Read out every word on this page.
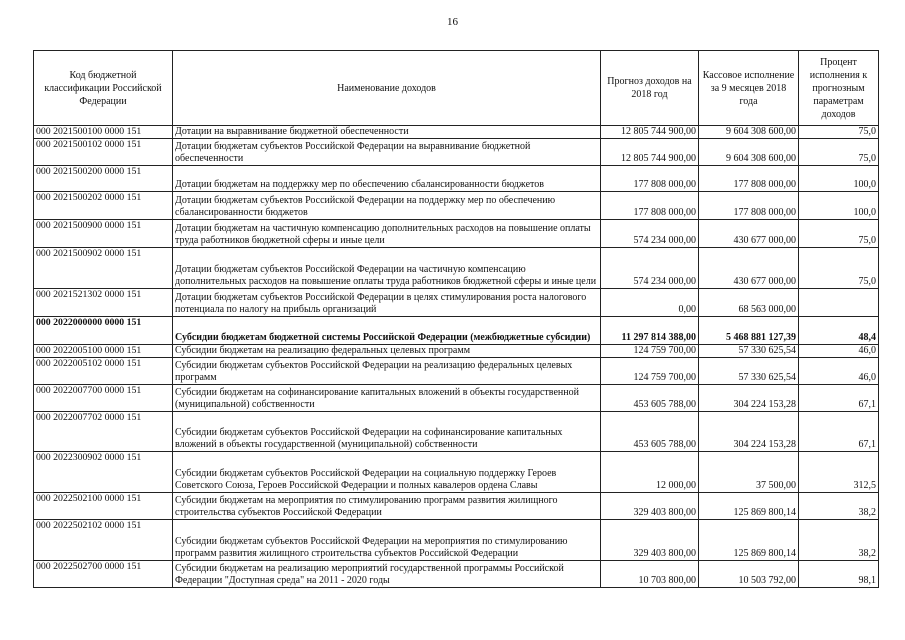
16
Код бюджетной классификации Российской Федерации	Наименование доходов	Прогноз доходов на 2018 год	Кассовое исполнение за 9 месяцев 2018 года	Процент исполнения к прогнозным параметрам доходов
000 2021500100 0000 151	Дотации на выравнивание бюджетной обеспеченности	12 805 744 900,00	9 604 308 600,00	75,0
000 2021500102 0000 151	Дотации бюджетам субъектов Российской Федерации на выравнивание бюджетной обеспеченности	12 805 744 900,00	9 604 308 600,00	75,0
000 2021500200 0000 151	Дотации бюджетам на поддержку мер по обеспечению сбалансированности бюджетов	177 808 000,00	177 808 000,00	100,0
000 2021500202 0000 151	Дотации бюджетам субъектов Российской Федерации на поддержку мер по обеспечению сбалансированности бюджетов	177 808 000,00	177 808 000,00	100,0
000 2021500900 0000 151	Дотации бюджетам на частичную компенсацию дополнительных расходов на повышение оплаты труда работников бюджетной сферы и иные цели	574 234 000,00	430 677 000,00	75,0
000 2021500902 0000 151	Дотации бюджетам субъектов Российской Федерации на частичную компенсацию дополнительных расходов на повышение оплаты труда работников бюджетной сферы и иные цели	574 234 000,00	430 677 000,00	75,0
000 2021521302 0000 151	Дотации бюджетам субъектов Российской Федерации в целях стимулирования роста налогового потенциала по налогу на прибыль организаций	0,00	68 563 000,00	
000 2022000000 0000 151	Субсидии бюджетам бюджетной системы Российской Федерации (межбюджетные субсидии)	11 297 814 388,00	5 468 881 127,39	48,4
000 2022005100 0000 151	Субсидии бюджетам на реализацию федеральных целевых программ	124 759 700,00	57 330 625,54	46,0
000 2022005102 0000 151	Субсидии бюджетам субъектов Российской Федерации на реализацию федеральных целевых программ	124 759 700,00	57 330 625,54	46,0
000 2022007700 0000 151	Субсидии бюджетам на софинансирование капитальных вложений в объекты государственной (муниципальной) собственности	453 605 788,00	304 224 153,28	67,1
000 2022007702 0000 151	Субсидии бюджетам субъектов Российской Федерации на софинансирование капитальных вложений в объекты государственной (муниципальной) собственности	453 605 788,00	304 224 153,28	67,1
000 2022300902 0000 151	Субсидии бюджетам субъектов Российской Федерации на социальную поддержку Героев Советского Союза, Героев Российской Федерации и полных кавалеров ордена Славы	12 000,00	37 500,00	312,5
000 2022502100 0000 151	Субсидии бюджетам на мероприятия по стимулированию программ развития жилищного строительства субъектов Российской Федерации	329 403 800,00	125 869 800,14	38,2
000 2022502102 0000 151	Субсидии бюджетам субъектов Российской Федерации на мероприятия по стимулированию программ развития жилищного строительства субъектов Российской Федерации	329 403 800,00	125 869 800,14	38,2
000 2022502700 0000 151	Субсидии бюджетам на реализацию мероприятий государственной программы Российской Федерации "Доступная среда" на 2011 - 2020 годы	10 703 800,00	10 503 792,00	98,1
